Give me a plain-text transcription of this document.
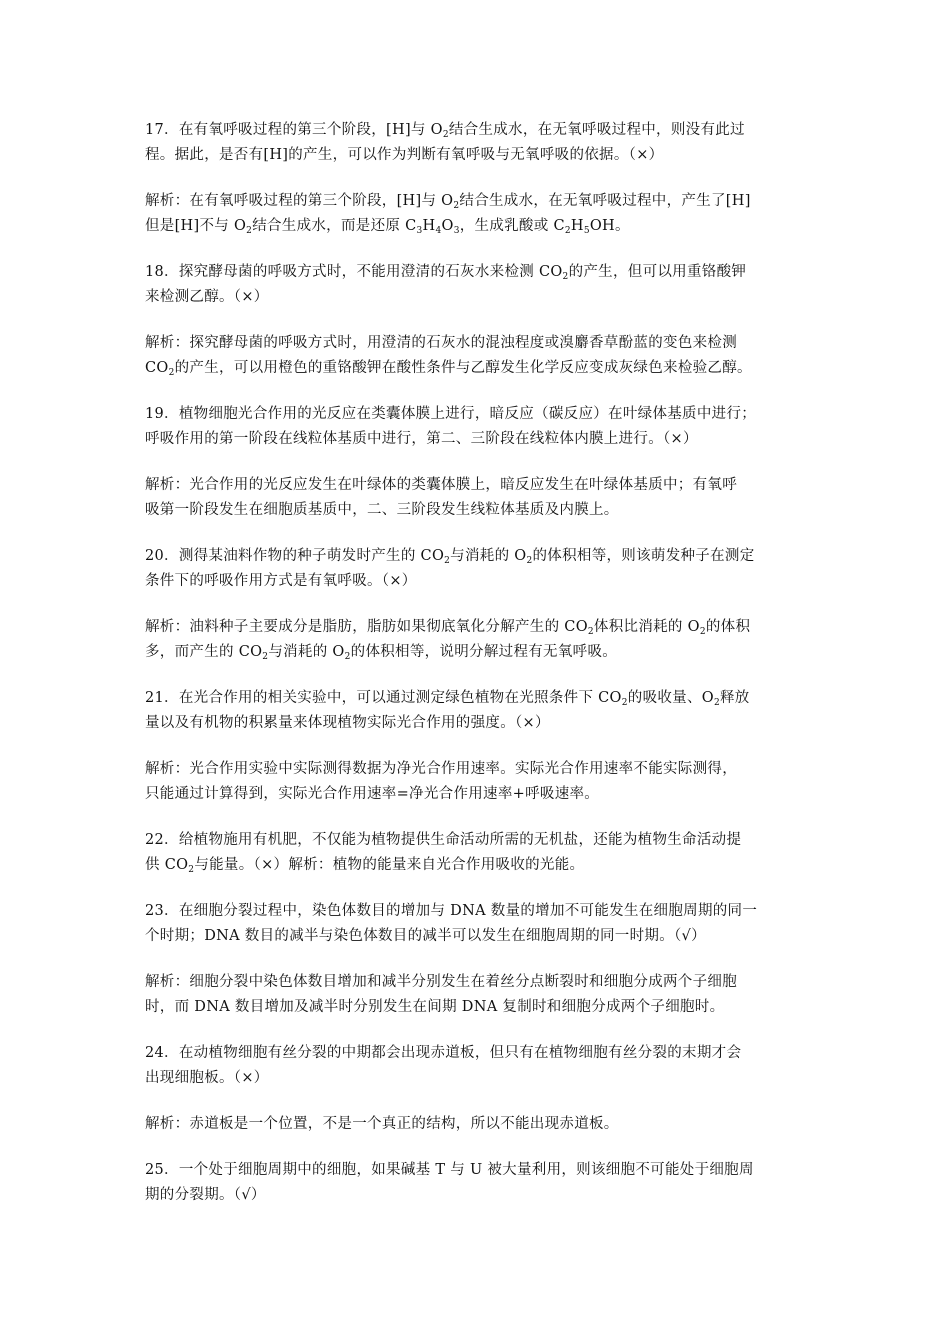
17．在有氧呼吸过程的第三个阶段，[H]与 $O_2$结合生成水，在无氧呼吸过程中，则没有此过
程。据此，是否有[H]的产生，可以作为判断有氧呼吸与无氧呼吸的依据。（×）
解析：在有氧呼吸过程的第三个阶段，[H]与 $O_2$结合生成水，在无氧呼吸过程中，产生了[H]
但是[H]不与 $O_2$结合生成水，而是还原 $C_3H_4O_3$，生成乳酸或 $C_2H_5OH$。
18．探究酵母菌的呼吸方式时，不能用澄清的石灰水来检测 $CO_2$的产生，但可以用重铬酸钾
来检测乙醇。（×）
解析：探究酵母菌的呼吸方式时，用澄清的石灰水的混浊程度或溴麝香草酚蓝的变色来检测
$CO_2$的产生，可以用橙色的重铬酸钾在酸性条件与乙醇发生化学反应变成灰绿色来检验乙醇。
19．植物细胞光合作用的光反应在类囊体膜上进行，暗反应（碳反应）在叶绿体基质中进行；
呼吸作用的第一阶段在线粒体基质中进行，第二、三阶段在线粒体内膜上进行。（×）
解析：光合作用的光反应发生在叶绿体的类囊体膜上，暗反应发生在叶绿体基质中；有氧呼
吸第一阶段发生在细胞质基质中，二、三阶段发生线粒体基质及内膜上。
20．测得某油料作物的种子萌发时产生的 $CO_2$与消耗的 $O_2$的体积相等，则该萌发种子在测定
条件下的呼吸作用方式是有氧呼吸。（×）
解析：油料种子主要成分是脂肪，脂肪如果彻底氧化分解产生的 $CO_2$体积比消耗的 $O_2$的体积
多，而产生的 $CO_2$与消耗的 $O_2$的体积相等，说明分解过程有无氧呼吸。
21．在光合作用的相关实验中，可以通过测定绿色植物在光照条件下 $CO_2$的吸收量、$O_2$释放
量以及有机物的积累量来体现植物实际光合作用的强度。（×）
解析：光合作用实验中实际测得数据为净光合作用速率。实际光合作用速率不能实际测得，
只能通过计算得到，实际光合作用速率=净光合作用速率+呼吸速率。
22．给植物施用有机肥，不仅能为植物提供生命活动所需的无机盐，还能为植物生命活动提
供 $CO_2$与能量。（×）解析：植物的能量来自光合作用吸收的光能。
23．在细胞分裂过程中，染色体数目的增加与 DNA 数量的增加不可能发生在细胞周期的同一
个时期；DNA 数目的减半与染色体数目的减半可以发生在细胞周期的同一时期。（√）
解析：细胞分裂中染色体数目增加和减半分别发生在着丝分点断裂时和细胞分成两个子细胞
时，而 DNA 数目增加及减半时分别发生在间期 DNA 复制时和细胞分成两个子细胞时。
24．在动植物细胞有丝分裂的中期都会出现赤道板，但只有在植物细胞有丝分裂的末期才会
出现细胞板。（×）
解析：赤道板是一个位置，不是一个真正的结构，所以不能出现赤道板。
25．一个处于细胞周期中的细胞，如果碱基 T 与 U 被大量利用，则该细胞不可能处于细胞周
期的分裂期。（√）
